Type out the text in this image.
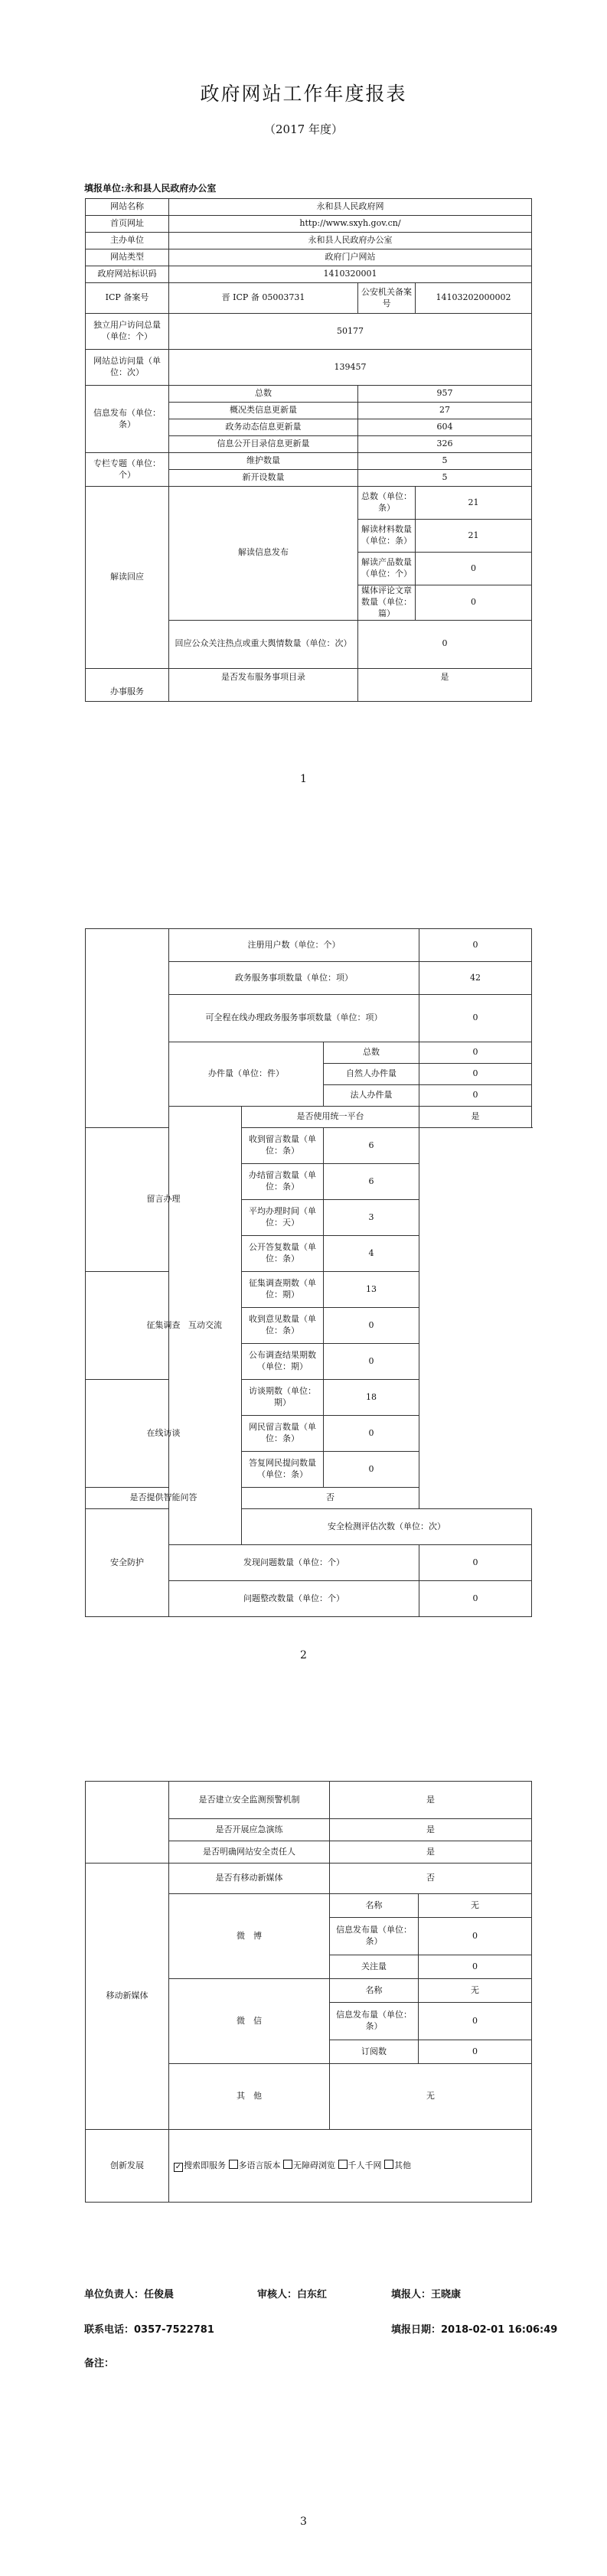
政府网站工作年度报表
（2017 年度）
填报单位:永和县人民政府办公室
网站名称	永和县人民政府网		
首页网址	http://www.sxyh.gov.cn/		
主办单位	永和县人民政府办公室		
网站类型	政府门户网站		
政府网站标识码	1410320001		
ICP 备案号	晋 ICP 备 05003731	公安机关备案号	14103202000002
独立用户访问总量（单位：个）	50177		
网站总访问量（单位：次）	139457		
信息发布（单位：条）	总数	957	
	概况类信息更新量	27	
	政务动态信息更新量	604	
	信息公开目录信息更新量	326	
专栏专题（单位：个）	维护数量	5	
	新开设数量	5	
解读回应	解读信息发布	总数（单位：条）	21
		解读材料数量（单位：条）	21
		解读产品数量（单位：个）	0
		媒体评论文章数量（单位：篇）	0
	回应公众关注热点或重大舆情数量（单位：次）	0	
办事服务	是否发布服务事项目录	是	
1
	注册用户数（单位：个）			0	
	政务服务事项数量（单位：项）			42	
	可全程在线办理政务服务事项数量（单位：项）			0	
	办件量（单位：件）		总数	0	
			自然人办件量	0	
			法人办件量	0	
	互动交流	是否使用统一平台		是	
留言办理		收到留言数量（单位：条）	6		
		办结留言数量（单位：条）	6		
		平均办理时间（单位：天）	3		
		公开答复数量（单位：条）	4		
征集调查		征集调查期数（单位：期）	13		
		收到意见数量（单位：条）	0		
		公布调查结果期数（单位：期）	0		
在线访谈		访谈期数（单位：期）	18		
		网民留言数量（单位：条）	0		
		答复网民提问数量（单位：条）	0		
是否提供智能问答		否			
安全防护		安全检测评估次数（单位：次）	
	发现问题数量（单位：个）			0	
	问题整改数量（单位：个）			0	
2
	是否建立安全监测预警机制	是	
	是否开展应急演练	是	
	是否明确网站安全责任人	是	
移动新媒体	是否有移动新媒体	否	
	微　博	名称	无
		信息发布量（单位：条）	0
		关注量	0
	微　信	名称	无
		信息发布量（单位：条）	0
		订阅数	0
	其　他	无	
创新发展	✓ 搜索即服务 多语言版本 无障碍浏览 千人千网 其他		
单位负责人：任俊晨	审核人：白东红	填报人：王晓康
联系电话：0357-7522781	填报日期：2018-02-01 16:06:49
备注：
3
